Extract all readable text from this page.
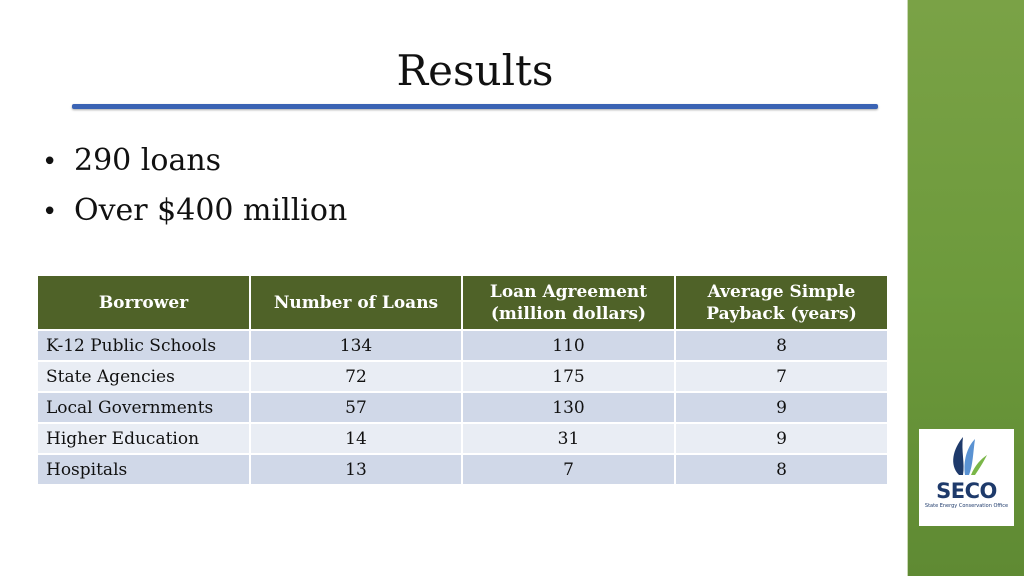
SECO
State Energy Conservation Office
Results
• 290 loans
• Over $400 million
Borrower	Number of Loans	Loan Agreement (million dollars)	Average Simple Payback (years)
K-12 Public Schools	134	110	8
State Agencies	72	175	7
Local Governments	57	130	9
Higher Education	14	31	9
Hospitals	13	7	8
